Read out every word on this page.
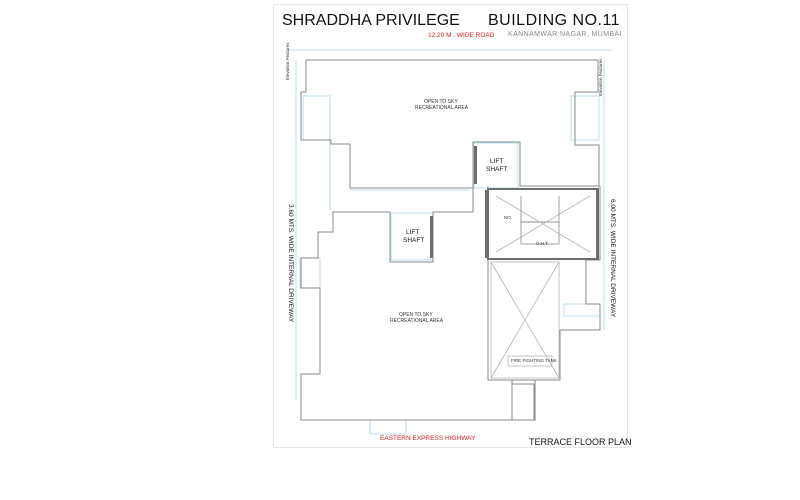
SHRADDHA PRIVILEGE BUILDING NO.11
KANNAMWAR NAGAR, MUMBAI
12.20 M . WIDE ROAD
Elevation Features	Elevation Features
OPEN TO SKY
RECREATIONAL AREA
OPEN TO SKY
RECREATIONAL AREA
LIFT
SHAFT
LIFT
SHAFT
NO
O.H.T.
FIRE FIGHTING TANK
3.60 MTS. WIDE INTERNAL DRIVEWAY	6.00 MTS. WIDE INTERNAL DRIVEWAY
EASTERN EXPRESS HIGHWAY	TERRACE FLOOR PLAN
